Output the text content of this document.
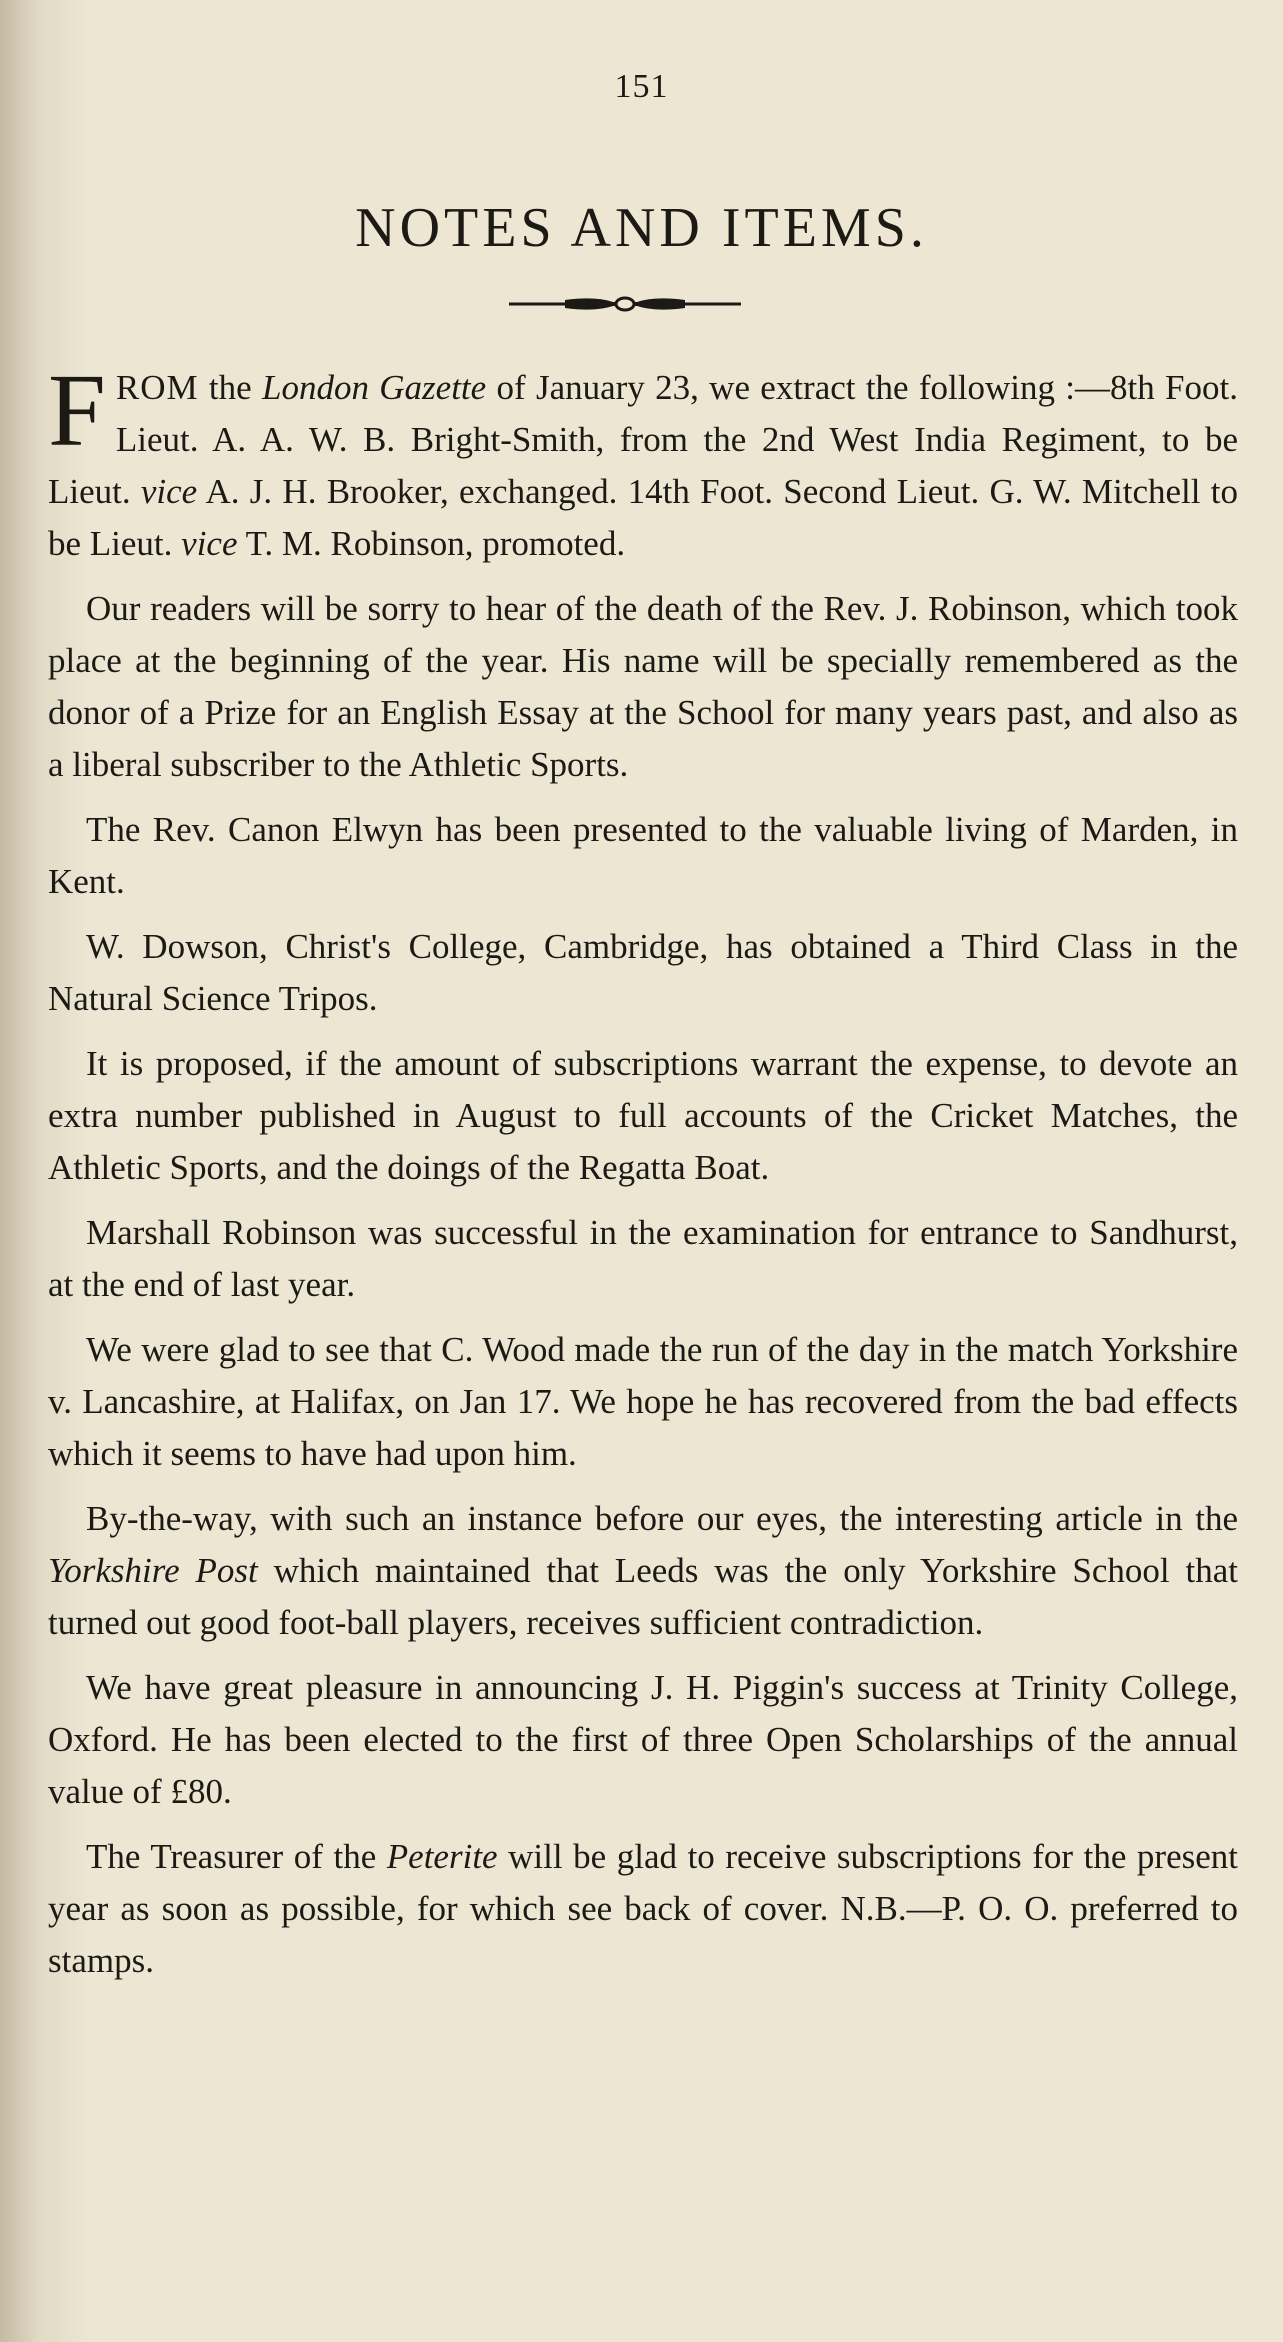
151
NOTES AND ITEMS.

FROM the London Gazette of January 23, we extract the following :—8th Foot. Lieut. A. A. W. B. Bright-Smith, from the 2nd West India Regiment, to be Lieut. vice A. J. H. Brooker, exchanged. 14th Foot. Second Lieut. G. W. Mitchell to be Lieut. vice T. M. Robinson, promoted.

Our readers will be sorry to hear of the death of the Rev. J. Robinson, which took place at the beginning of the year. His name will be specially remembered as the donor of a Prize for an English Essay at the School for many years past, and also as a liberal subscriber to the Athletic Sports.

The Rev. Canon Elwyn has been presented to the valuable living of Marden, in Kent.

W. Dowson, Christ's College, Cambridge, has obtained a Third Class in the Natural Science Tripos.

It is proposed, if the amount of subscriptions warrant the expense, to devote an extra number published in August to full accounts of the Cricket Matches, the Athletic Sports, and the doings of the Regatta Boat.

Marshall Robinson was successful in the examination for entrance to Sandhurst, at the end of last year.

We were glad to see that C. Wood made the run of the day in the match Yorkshire v. Lancashire, at Halifax, on Jan 17. We hope he has recovered from the bad effects which it seems to have had upon him.

By-the-way, with such an instance before our eyes, the interesting article in the Yorkshire Post which maintained that Leeds was the only Yorkshire School that turned out good foot-ball players, receives sufficient contradiction.

We have great pleasure in announcing J. H. Piggin's success at Trinity College, Oxford. He has been elected to the first of three Open Scholarships of the annual value of £80.

The Treasurer of the Peterite will be glad to receive subscriptions for the present year as soon as possible, for which see back of cover. N.B.—P. O. O. preferred to stamps.
